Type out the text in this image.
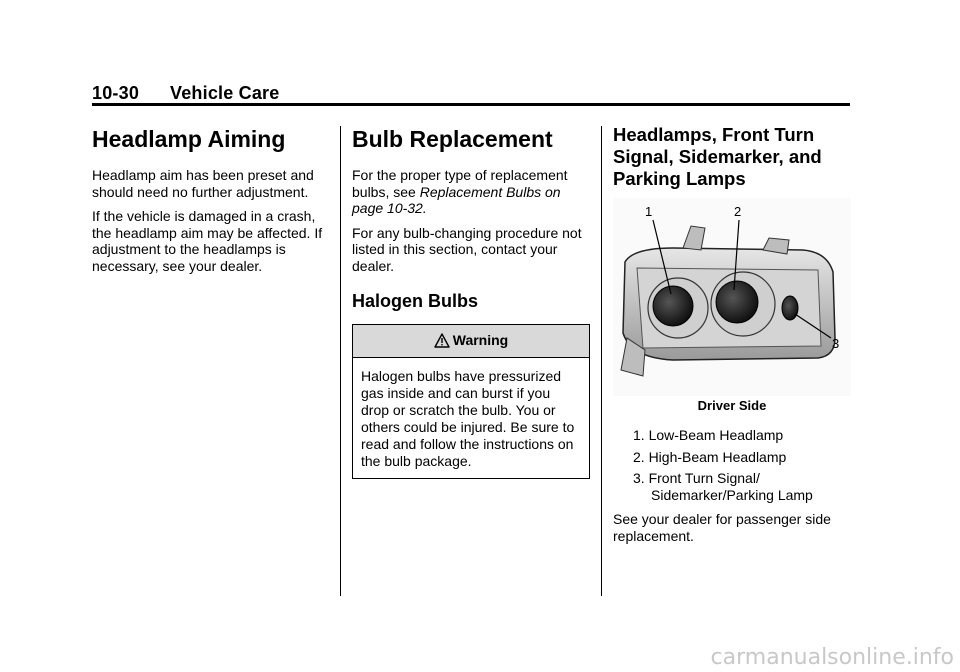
10-30 Vehicle Care
Headlamp Aiming

Headlamp aim has been preset and should need no further adjustment.

If the vehicle is damaged in a crash, the headlamp aim may be affected. If adjustment to the headlamps is necessary, see your dealer.

Bulb Replacement

For the proper type of replacement bulbs, see Replacement Bulbs on page 10-32.

For any bulb-changing procedure not listed in this section, contact your dealer.

Halogen Bulbs
Warning
Halogen bulbs have pressurized gas inside and can burst if you drop or scratch the bulb. You or others could be injured. Be sure to read and follow the instructions on the bulb package.
Headlamps, Front Turn Signal, Sidemarker, and Parking Lamps
1	2
3
Driver Side
1. Low-Beam Headlamp
2. High-Beam Headlamp
3. Front Turn Signal/ Sidemarker/Parking Lamp

See your dealer for passenger side replacement.

carmanualsonline.info
